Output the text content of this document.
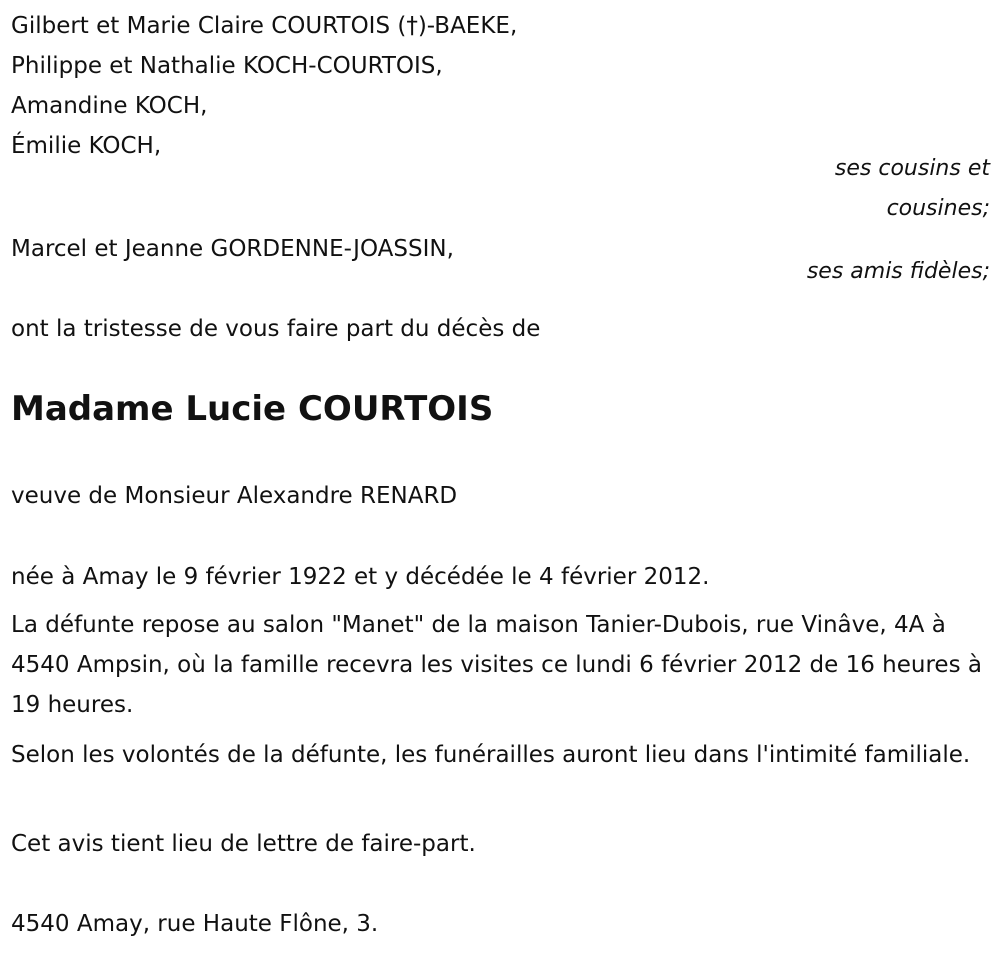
Gilbert et Marie Claire COURTOIS (†)-BAEKE,
Philippe et Nathalie KOCH-COURTOIS,
Amandine KOCH,
Émilie KOCH,
ses cousins et
cousines;
Marcel et Jeanne GORDENNE-JOASSIN,
ses amis fidèles;
ont la tristesse de vous faire part du décès de
Madame Lucie COURTOIS
veuve de Monsieur Alexandre RENARD
née à Amay le 9 février 1922 et y décédée le 4 février 2012.
La défunte repose au salon "Manet" de la maison Tanier-Dubois, rue Vinâve, 4A à 4540 Ampsin, où la famille recevra les visites ce lundi 6 février 2012 de 16 heures à 19 heures.
Selon les volontés de la défunte, les funérailles auront lieu dans l'intimité familiale.
Cet avis tient lieu de lettre de faire-part.
4540 Amay, rue Haute Flône, 3.
